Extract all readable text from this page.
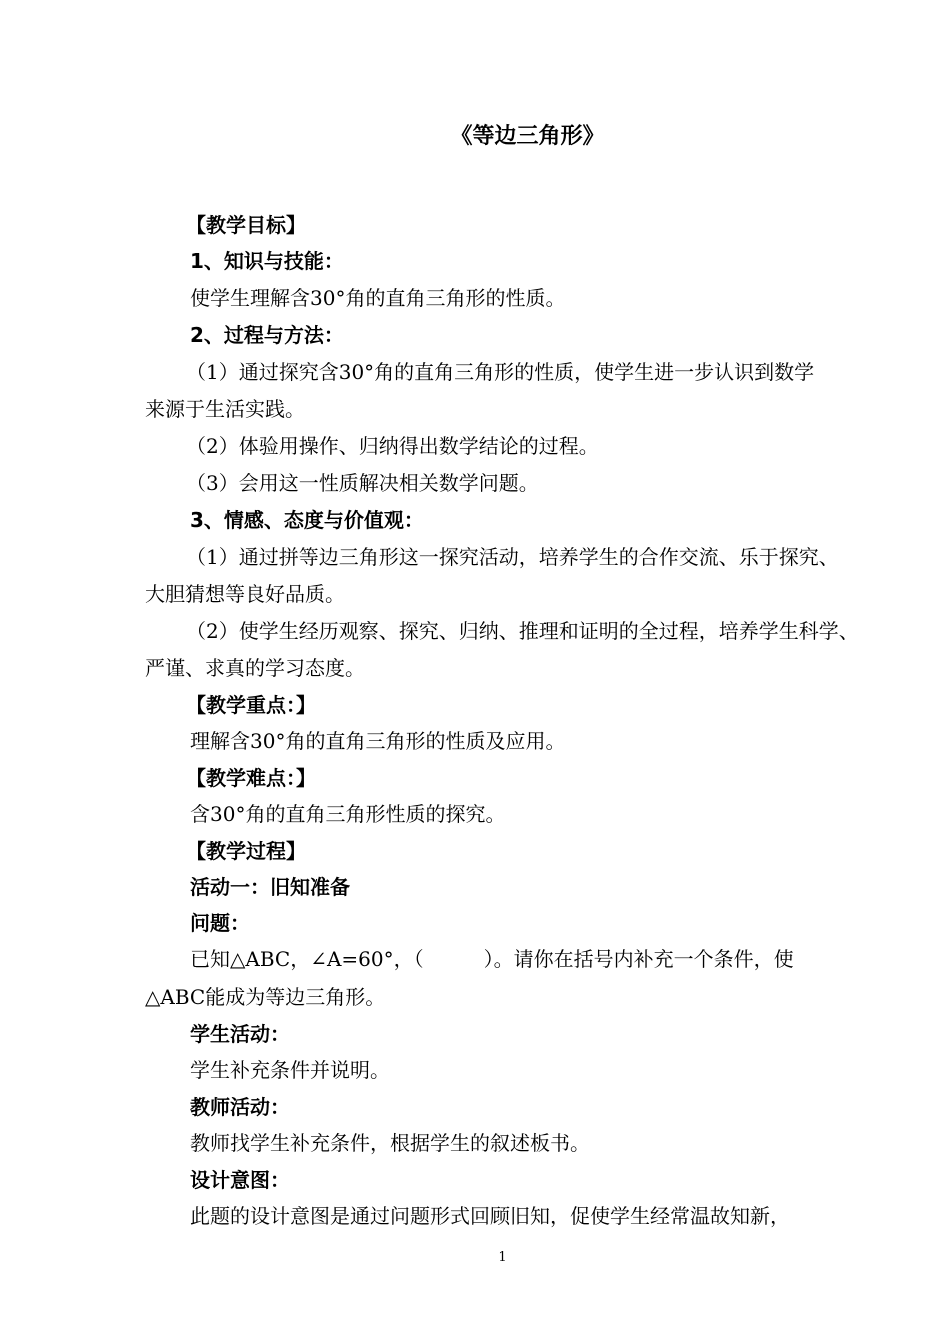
《等边三角形》
【教学目标】
1、知识与技能：
使学生理解含30°角的直角三角形的性质。
2、过程与方法：
（1）通过探究含30°角的直角三角形的性质，使学生进一步认识到数学
来源于生活实践。
（2）体验用操作、归纳得出数学结论的过程。
（3）会用这一性质解决相关数学问题。
3、情感、态度与价值观：
（1）通过拼等边三角形这一探究活动，培养学生的合作交流、乐于探究、
大胆猜想等良好品质。
（2）使学生经历观察、探究、归纳、推理和证明的全过程，培养学生科学、
严谨、求真的学习态度。
【教学重点：】
理解含30°角的直角三角形的性质及应用。
【教学难点：】
含30°角的直角三角形性质的探究。
【教学过程】
活动一：旧知准备
问题：
已知△ABC，∠A=60°，（　　　）。请你在括号内补充一个条件，使
△ABC能成为等边三角形。
学生活动：
学生补充条件并说明。
教师活动：
教师找学生补充条件，根据学生的叙述板书。
设计意图：
此题的设计意图是通过问题形式回顾旧知，促使学生经常温故知新，
1
